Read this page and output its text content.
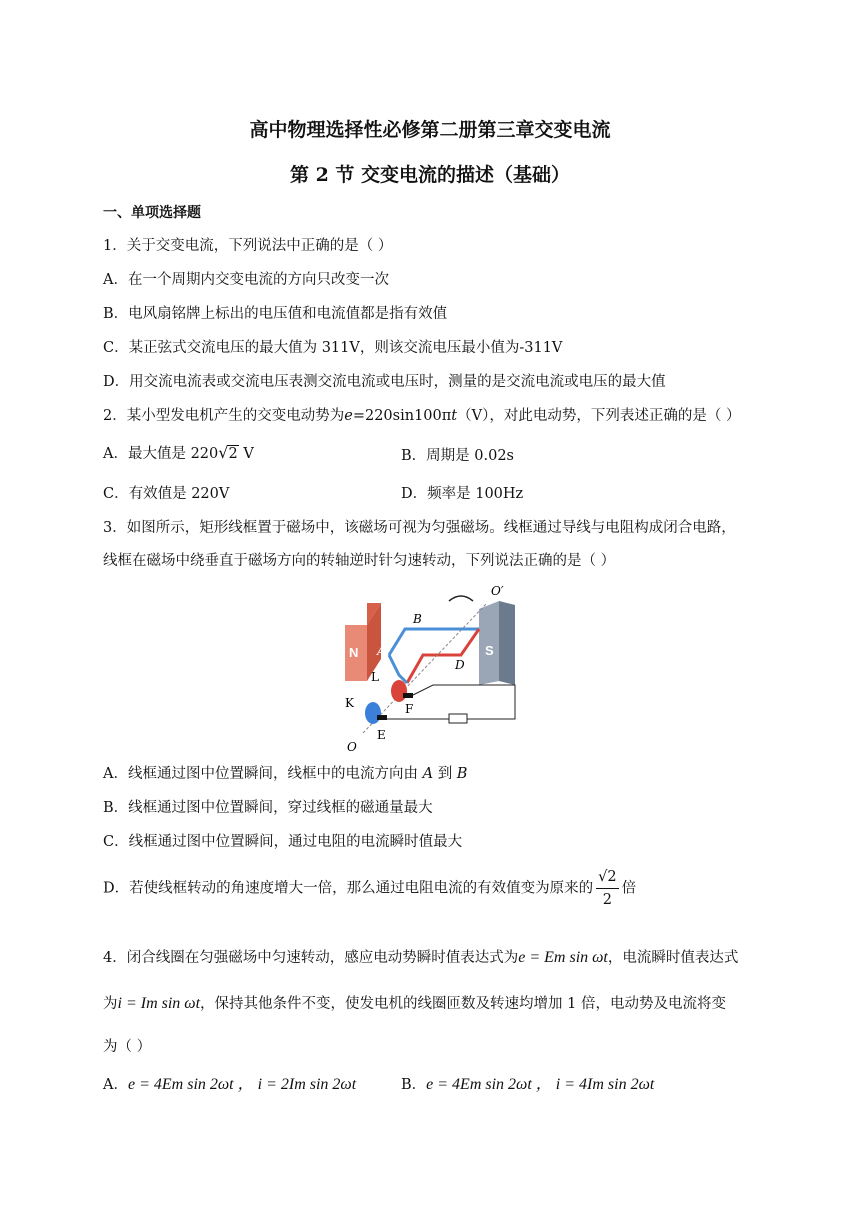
高中物理选择性必修第二册第三章交变电流
第 2 节 交变电流的描述（基础）
一、单项选择题
1．关于交变电流，下列说法中正确的是（ ）
A．在一个周期内交变电流的方向只改变一次
B．电风扇铭牌上标出的电压值和电流值都是指有效值
C．某正弦式交流电压的最大值为 311V，则该交流电压最小值为-311V
D．用交流电流表或交流电压表测交流电流或电压时，测量的是交流电流或电压的最大值
2．某小型发电机产生的交变电动势为e=220sin100πt（V），对此电动势，下列表述正确的是（ ）
A．最大值是 220√2 V	B．周期是 0.02s
C．有效值是 220V	D．频率是 100Hz
3．如图所示，矩形线框置于磁场中，该磁场可视为匀强磁场。线框通过导线与电阻构成闭合电路，
线框在磁场中绕垂直于磁场方向的转轴逆时针匀速转动，下列说法正确的是（ ）
N	S
B
O′
A
D
L
F
K
E
O
A．线框通过图中位置瞬间，线框中的电流方向由 A 到 B
B．线框通过图中位置瞬间，穿过线框的磁通量最大
C．线框通过图中位置瞬间，通过电阻的电流瞬时值最大
D．若使线框转动的角速度增大一倍，那么通过电阻电流的有效值变为原来的 $\frac{√2}{2}$ 倍
4．闭合线圈在匀强磁场中匀速转动，感应电动势瞬时值表达式为e = Em sin ωt，电流瞬时值表达式
为i = Im sin ωt，保持其他条件不变，使发电机的线圈匝数及转速均增加 1 倍，电动势及电流将变
为（ ）
A．e = 4Em sin 2ωt ， i = 2Im sin 2ωt	B．e = 4Em sin 2ωt ， i = 4Im sin 2ωt
